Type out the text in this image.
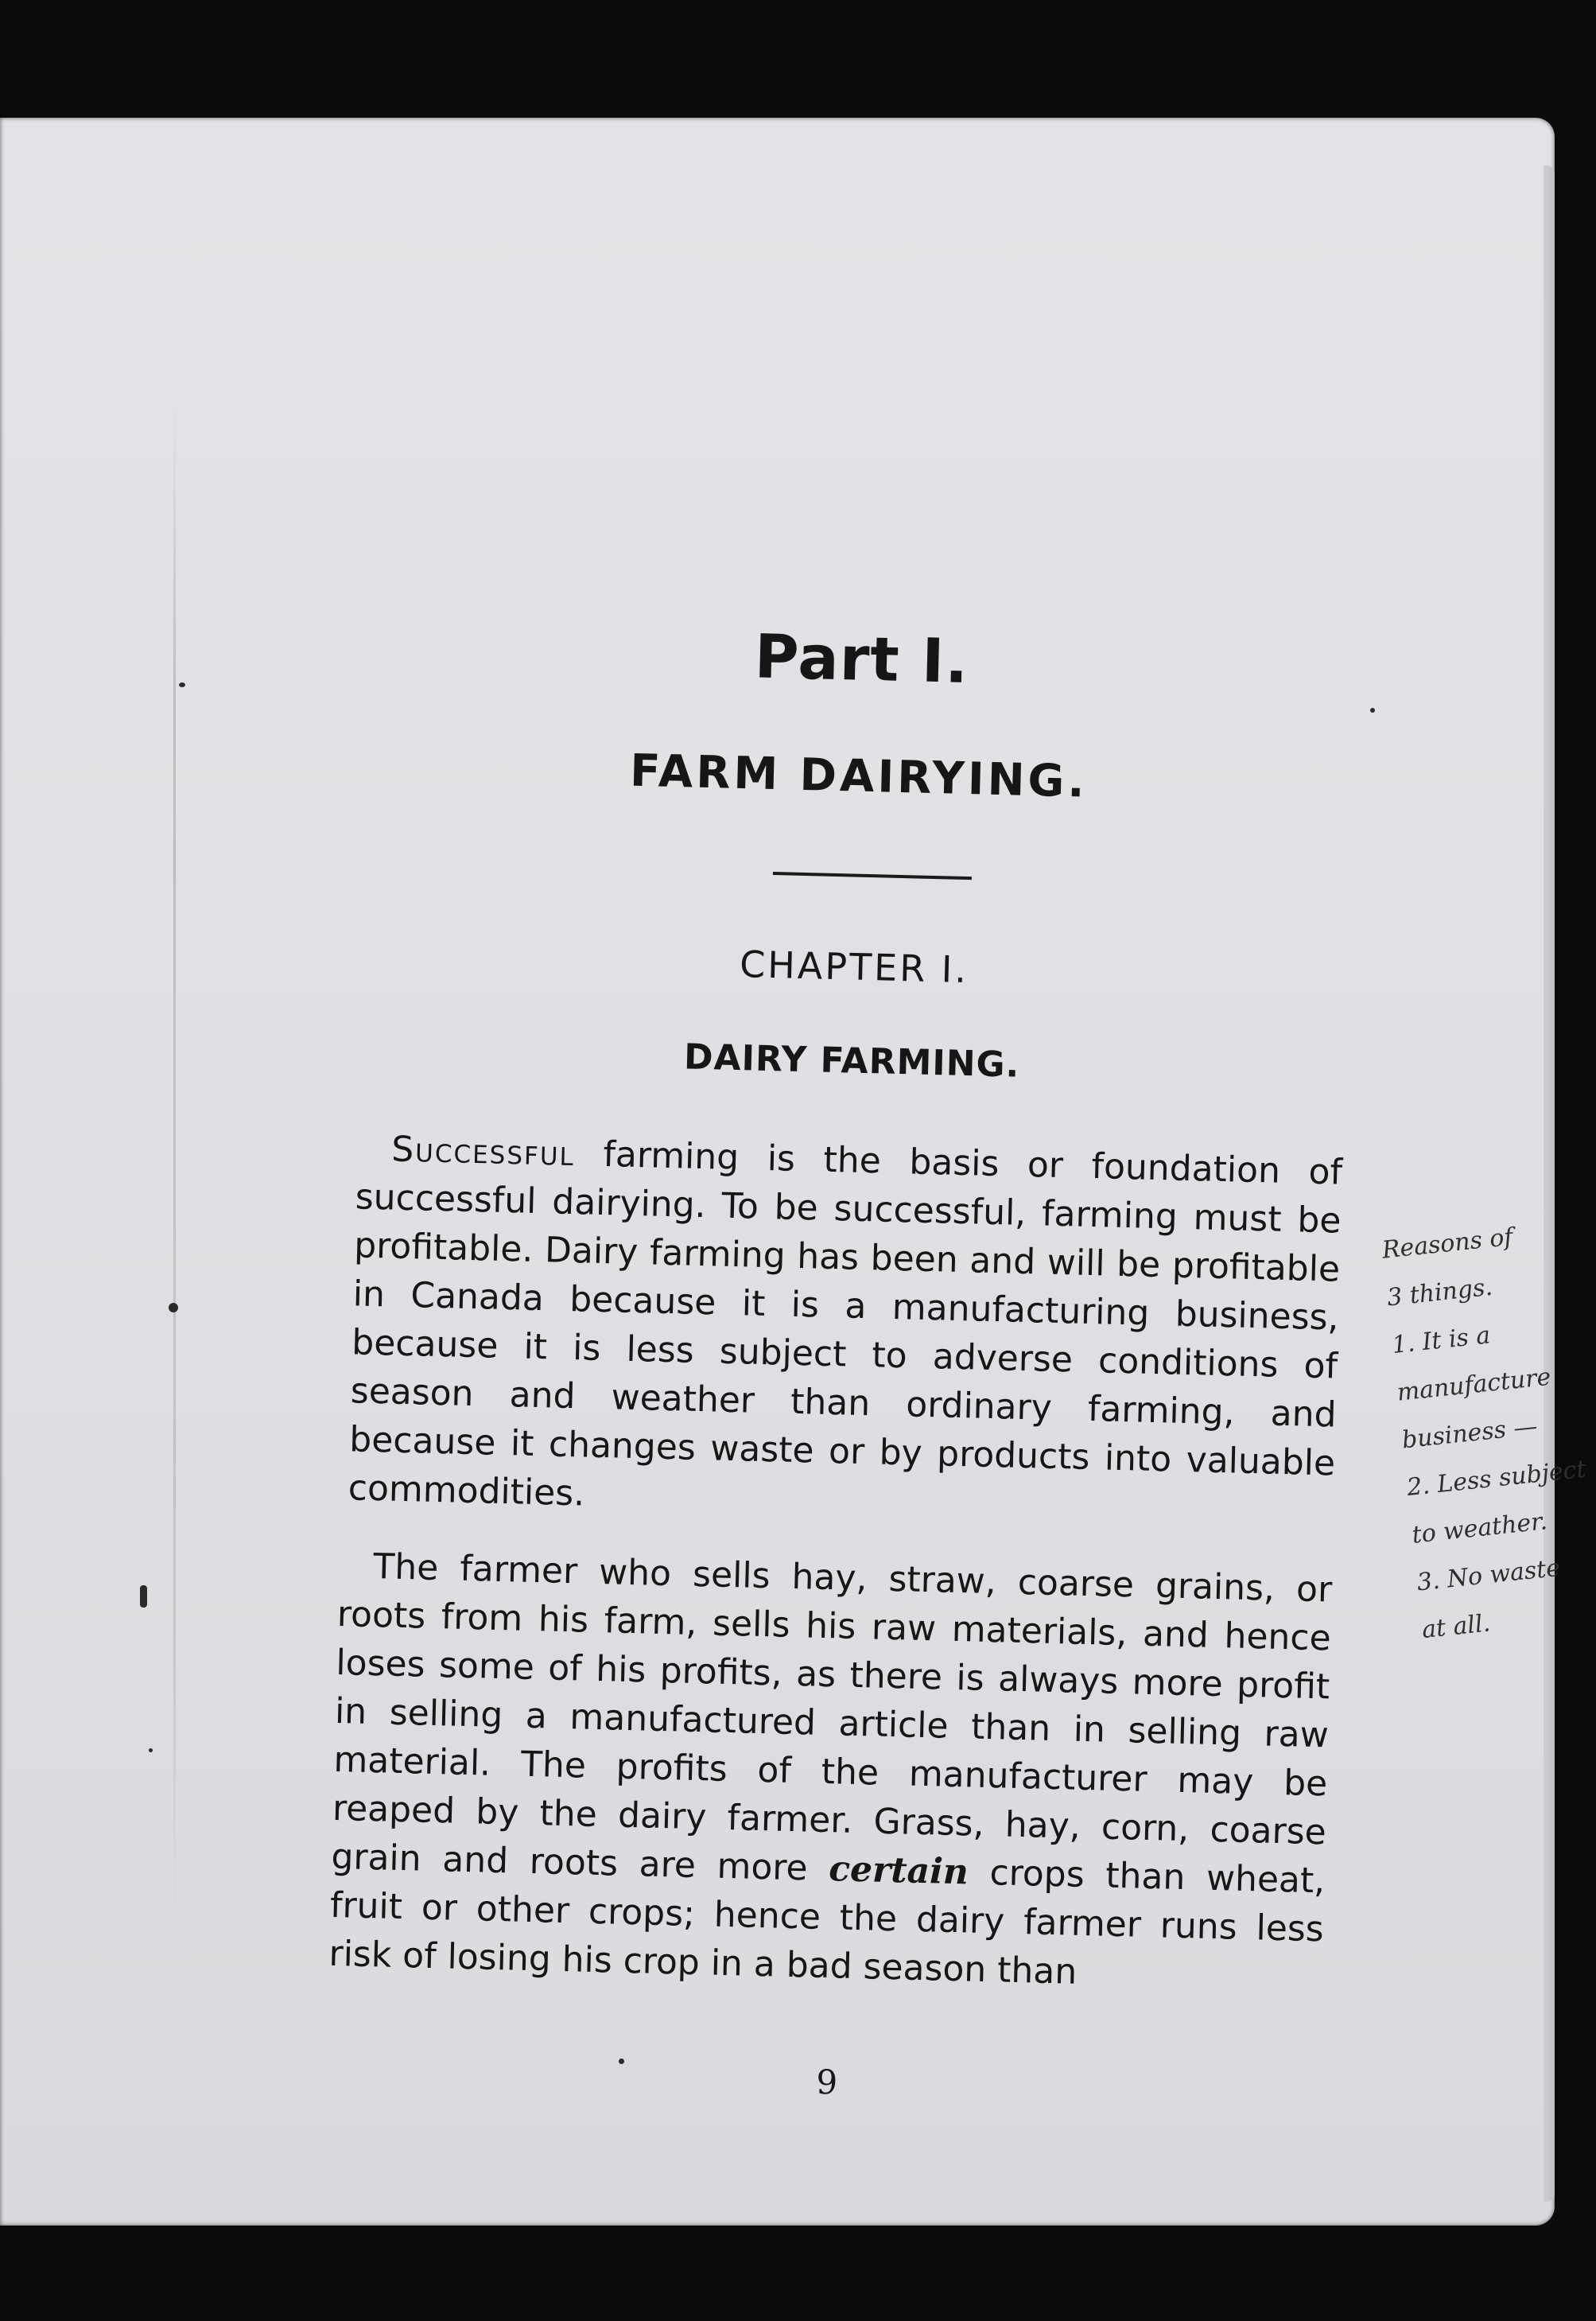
Part I.
FARM DAIRYING.
CHAPTER I.
DAIRY FARMING.

 Successful farming is the basis or foundation of successful dairying. To be successful, farming must be profitable. Dairy farming has been and will be profitable in Canada because it is a manufacturing business, because it is less subject to adverse conditions of season and weather than ordinary farming, and because it changes waste or by products into valuable commodities.

 The farmer who sells hay, straw, coarse grains, or roots from his farm, sells his raw materials, and hence loses some of his profits, as there is always more profit in selling a manufactured article than in selling raw material. The profits of the manufacturer may be reaped by the dairy farmer. Grass, hay, corn, coarse grain and roots are more certain crops than wheat, fruit or other crops; hence the dairy farmer runs less risk of losing his crop in a bad season than

9
Reasons of
3 things.
1. It is a
manufacture
business —
2. Less subject
to weather.
3. No waste
at all.
